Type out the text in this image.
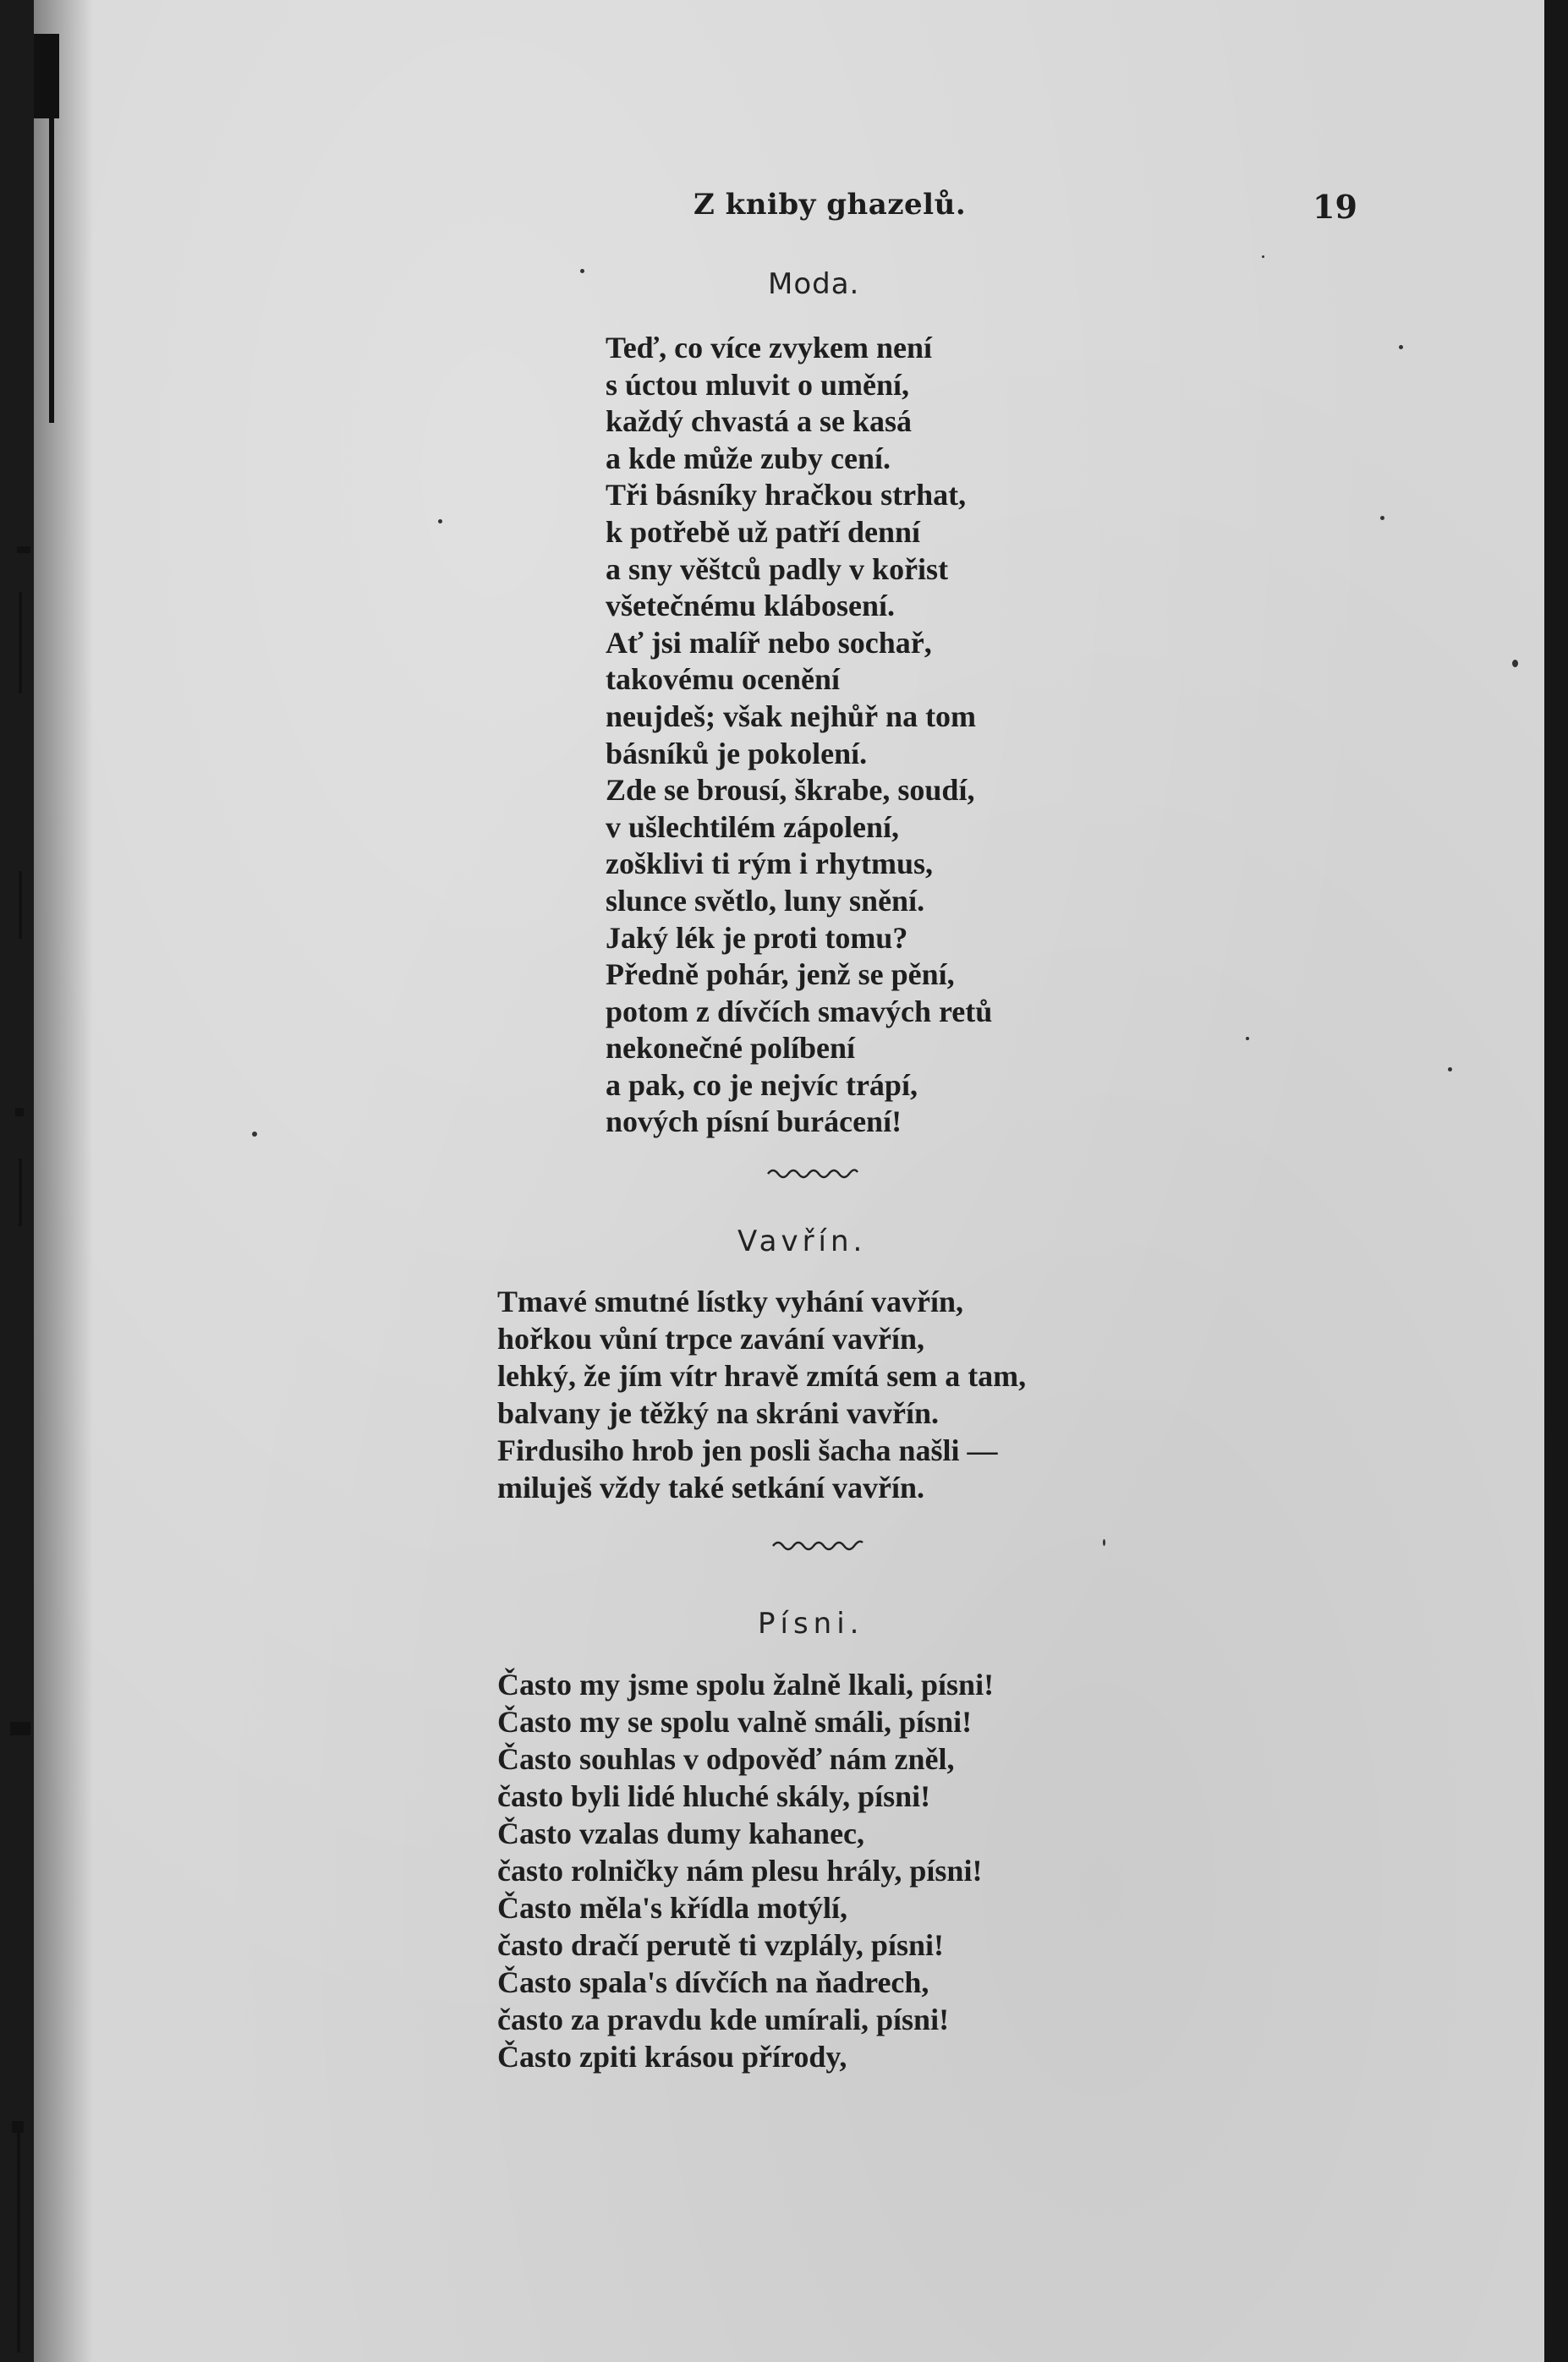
Z kniby ghazelů.	19
Moda.
Teď, co více zvykem není
s úctou mluvit o umění,
každý chvastá a se kasá
a kde může zuby cení.
Tři básníky hračkou strhat,
k potřebě už patří denní
a sny věštců padly v kořist
všetečnému klábosení.
Ať jsi malíř nebo sochař,
takovému ocenění
neujdeš; však nejhůř na tom
básníků je pokolení.
Zde se brousí, škrabe, soudí,
v ušlechtilém zápolení,
zošklivi ti rým i rhytmus,
slunce světlo, luny snění.
Jaký lék je proti tomu?
Předně pohár, jenž se pění,
potom z dívčích smavých retů
nekonečné políbení
a pak, co je nejvíc trápí,
nových písní burácení!
Vavřín.
Tmavé smutné lístky vyhání vavřín,
hořkou vůní trpce zavání vavřín,
lehký, že jím vítr hravě zmítá sem a tam,
balvany je těžký na skráni vavřín.
Firdusiho hrob jen posli šacha našli —
miluješ vždy také setkání vavřín.
Písni.
Často my jsme spolu žalně lkali, písni!
Často my se spolu valně smáli, písni!
Často souhlas v odpověď nám zněl,
často byli lidé hluché skály, písni!
Často vzalas dumy kahanec,
často rolničky nám plesu hrály, písni!
Často měla's křídla motýlí,
často dračí perutě ti vzplály, písni!
Často spala's dívčích na ňadrech,
často za pravdu kde umírali, písni!
Často zpiti krásou přírody,
